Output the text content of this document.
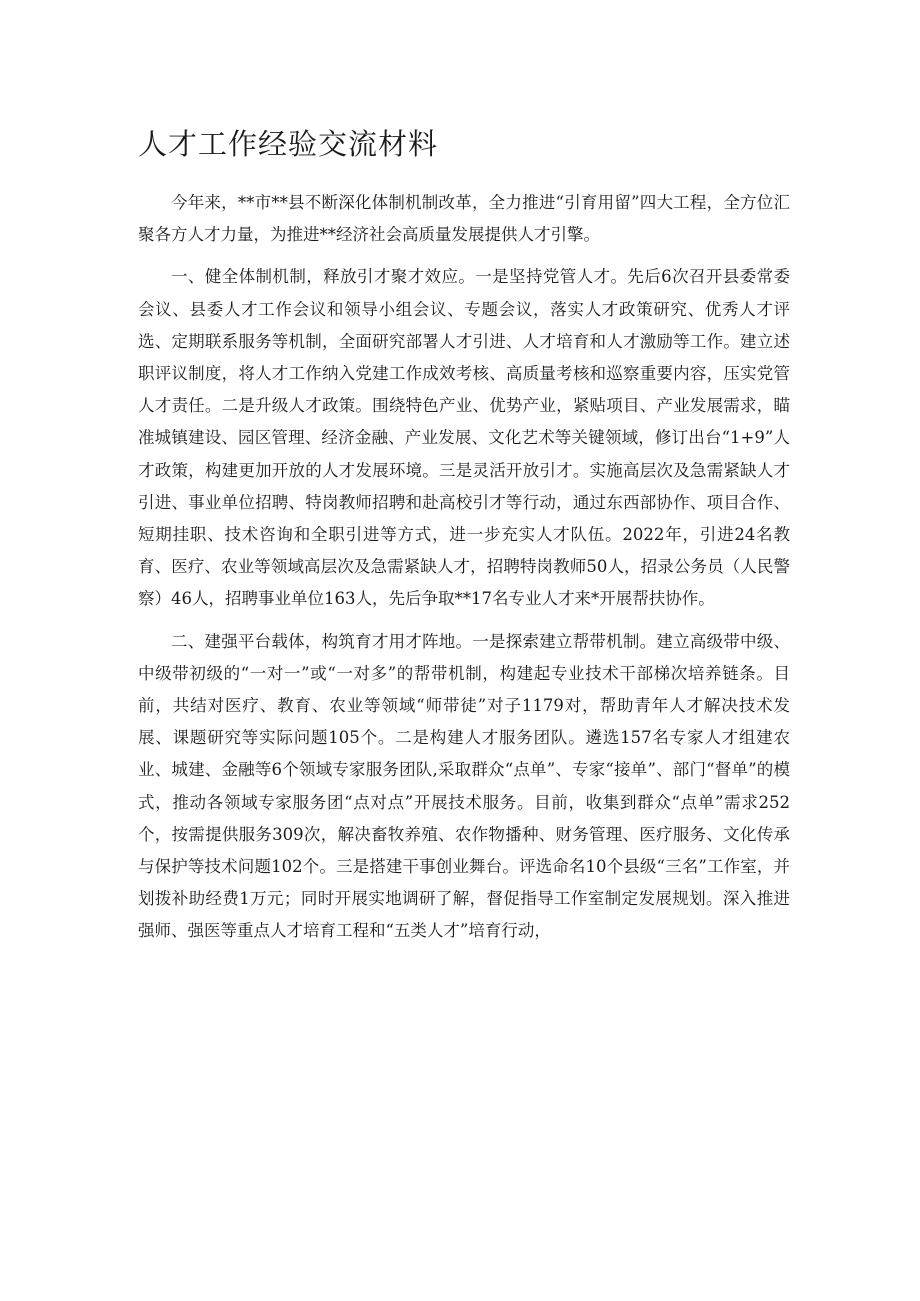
人才工作经验交流材料

今年来，**市**县不断深化体制机制改革，全力推进“引育用留”四大工程，全方位汇聚各方人才力量，为推进**经济社会高质量发展提供人才引擎。

一、健全体制机制，释放引才聚才效应。一是坚持党管人才。先后6次召开县委常委会议、县委人才工作会议和领导小组会议、专题会议，落实人才政策研究、优秀人才评选、定期联系服务等机制，全面研究部署人才引进、人才培育和人才激励等工作。建立述职评议制度，将人才工作纳入党建工作成效考核、高质量考核和巡察重要内容，压实党管人才责任。二是升级人才政策。围绕特色产业、优势产业，紧贴项目、产业发展需求，瞄准城镇建设、园区管理、经济金融、产业发展、文化艺术等关键领域，修订出台“1+9”人才政策，构建更加开放的人才发展环境。三是灵活开放引才。实施高层次及急需紧缺人才引进、事业单位招聘、特岗教师招聘和赴高校引才等行动，通过东西部协作、项目合作、短期挂职、技术咨询和全职引进等方式，进一步充实人才队伍。2022年，引进24名教育、医疗、农业等领域高层次及急需紧缺人才，招聘特岗教师50人，招录公务员（人民警察）46人，招聘事业单位163人，先后争取**17名专业人才来*开展帮扶协作。

二、建强平台载体，构筑育才用才阵地。一是探索建立帮带机制。建立高级带中级、中级带初级的“一对一”或“一对多”的帮带机制，构建起专业技术干部梯次培养链条。目前，共结对医疗、教育、农业等领域“师带徒”对子1179对，帮助青年人才解决技术发展、课题研究等实际问题105个。二是构建人才服务团队。遴选157名专家人才组建农业、城建、金融等6个领域专家服务团队,采取群众“点单”、专家“接单”、部门“督单”的模式，推动各领域专家服务团“点对点”开展技术服务。目前，收集到群众“点单”需求252个，按需提供服务309次，解决畜牧养殖、农作物播种、财务管理、医疗服务、文化传承与保护等技术问题102个。三是搭建干事创业舞台。评选命名10个县级“三名”工作室，并划拨补助经费1万元；同时开展实地调研了解，督促指导工作室制定发展规划。深入推进强师、强医等重点人才培育工程和“五类人才”培育行动，
